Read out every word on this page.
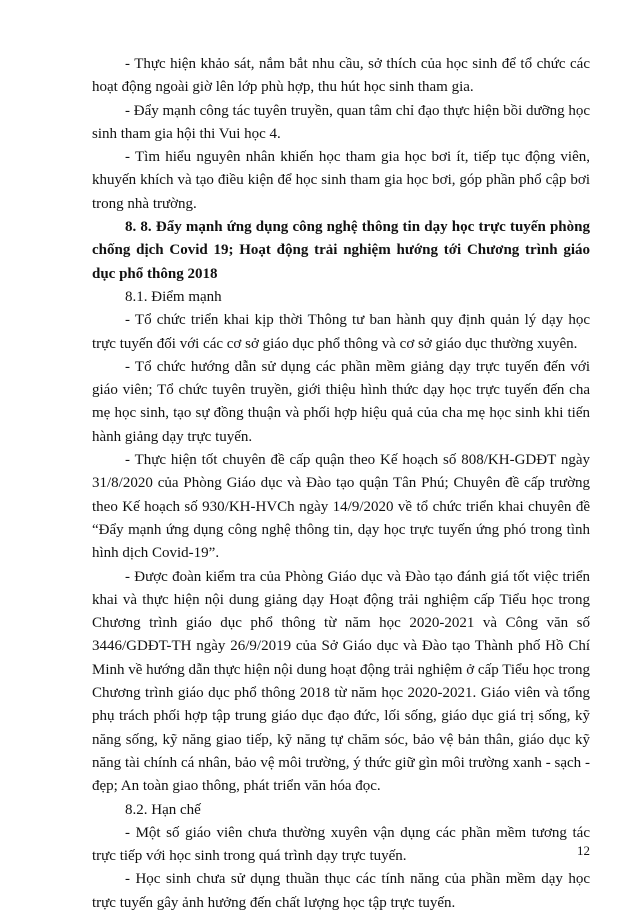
- Thực hiện khảo sát, nắm bắt nhu cầu, sở thích của học sinh để tổ chức các hoạt động ngoài giờ lên lớp phù hợp, thu hút học sinh tham gia.

- Đẩy mạnh công tác tuyên truyền, quan tâm chỉ đạo thực hiện bồi dưỡng học sinh tham gia hội thi Vui học 4.

- Tìm hiểu nguyên nhân khiến học tham gia học bơi ít, tiếp tục động viên, khuyến khích và tạo điều kiện để học sinh tham gia học bơi, góp phần phổ cập bơi trong nhà trường.

8. 8. Đẩy mạnh ứng dụng công nghệ thông tin dạy học trực tuyến phòng chống dịch Covid 19; Hoạt động trải nghiệm hướng tới Chương trình giáo dục phổ thông 2018

8.1. Điểm mạnh

- Tổ chức triển khai kịp thời Thông tư ban hành quy định quản lý dạy học trực tuyến đối với các cơ sở giáo dục phổ thông và cơ sở giáo dục thường xuyên.

- Tổ chức hướng dẫn sử dụng các phần mềm giảng dạy trực tuyến đến với giáo viên; Tổ chức tuyên truyền, giới thiệu hình thức dạy học trực tuyến đến cha mẹ học sinh, tạo sự đồng thuận và phối hợp hiệu quả của cha mẹ học sinh khi tiến hành giảng dạy trực tuyến.

- Thực hiện tốt chuyên đề cấp quận theo Kế hoạch số 808/KH-GDĐT ngày 31/8/2020 của Phòng Giáo dục và Đào tạo quận Tân Phú; Chuyên đề cấp trường theo Kế hoạch số 930/KH-HVCh ngày 14/9/2020 về tổ chức triển khai chuyên đề “Đẩy mạnh ứng dụng công nghệ thông tin, dạy học trực tuyến ứng phó trong tình hình dịch Covid-19”.

- Được đoàn kiểm tra của Phòng Giáo dục và Đào tạo đánh giá tốt việc triển khai và thực hiện nội dung giảng dạy Hoạt động trải nghiệm cấp Tiểu học trong Chương trình giáo dục phổ thông từ năm học 2020-2021 và Công văn số 3446/GDĐT-TH ngày 26/9/2019 của Sở Giáo dục và Đào tạo Thành phố Hồ Chí Minh về hướng dẫn thực hiện nội dung hoạt động trải nghiệm ở cấp Tiểu học trong Chương trình giáo dục phổ thông 2018 từ năm học 2020-2021. Giáo viên và tổng phụ trách phối hợp tập trung giáo dục đạo đức, lối sống, giáo dục giá trị sống, kỹ năng sống, kỹ năng giao tiếp, kỹ năng tự chăm sóc, bảo vệ bản thân, giáo dục kỹ năng tài chính cá nhân, bảo vệ môi trường, ý thức giữ gìn môi trường xanh - sạch - đẹp; An toàn giao thông, phát triển văn hóa đọc.

8.2. Hạn chế

- Một số giáo viên chưa thường xuyên vận dụng các phần mềm tương tác trực tiếp với học sinh trong quá trình dạy trực tuyến.

- Học sinh chưa sử dụng thuần thục các tính năng của phần mềm dạy học trực tuyến gây ảnh hưởng đến chất lượng học tập trực tuyến.

12
